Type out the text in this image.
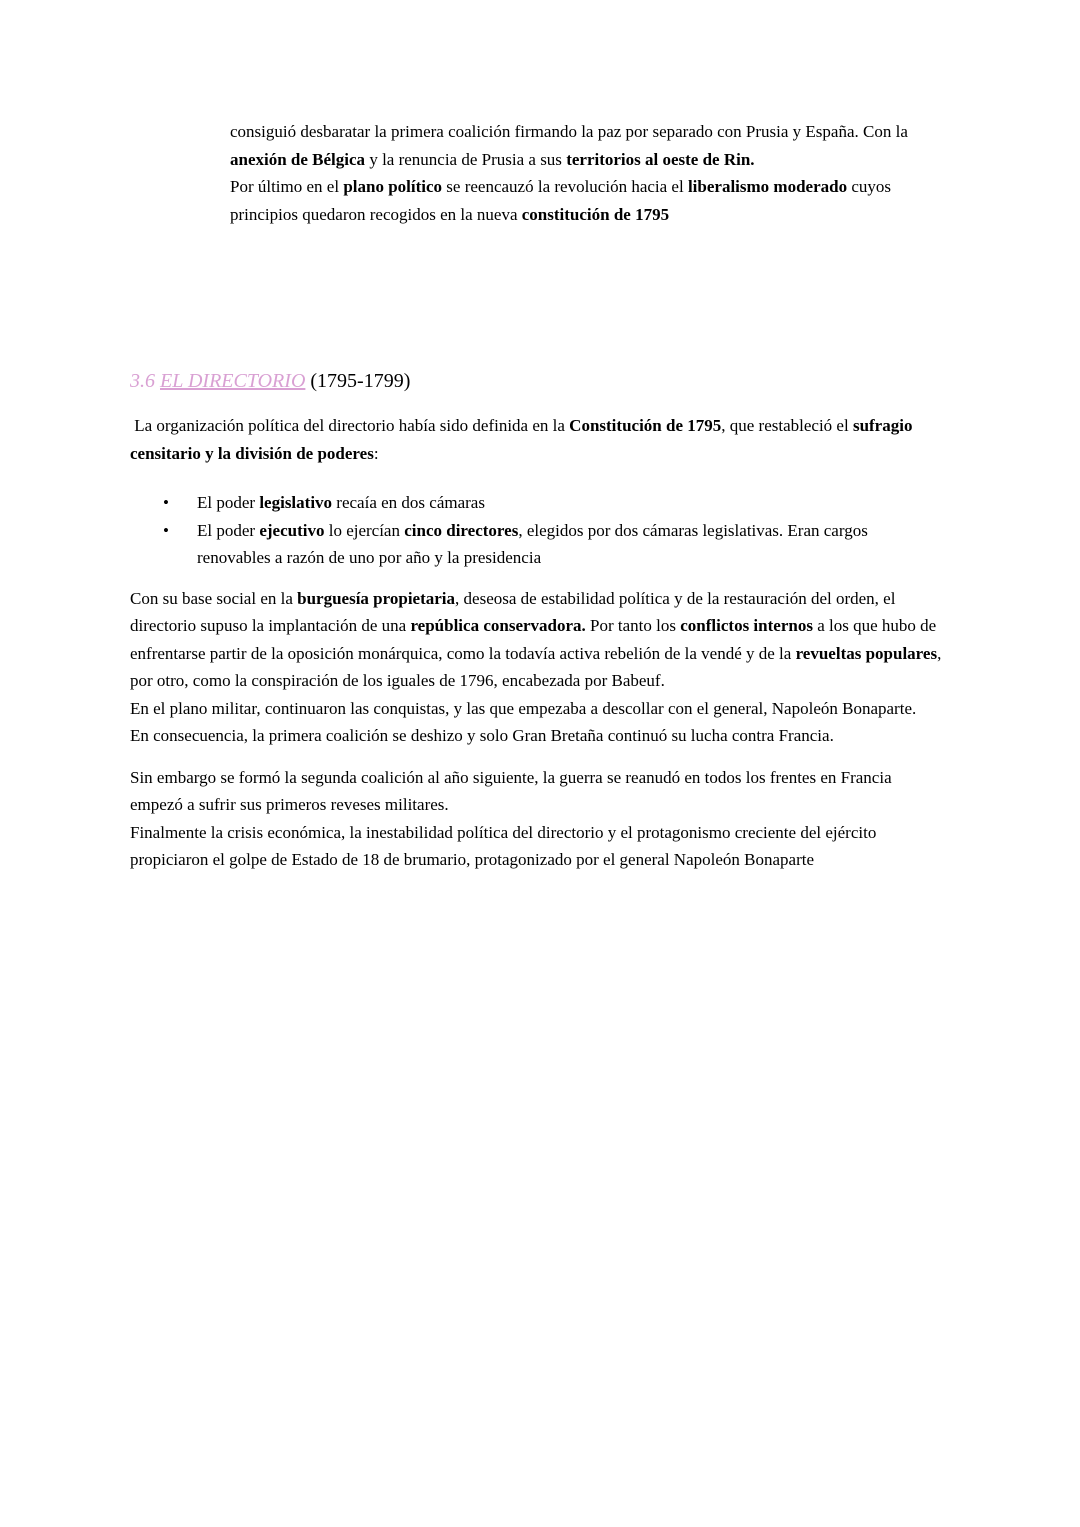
consiguió desbaratar la primera coalición firmando la paz por separado con Prusia y España. Con la anexión de Bélgica y la renuncia de Prusia a sus territorios al oeste de Rin.
Por último en el plano político se reencauzó la revolución hacia el liberalismo moderado cuyos principios quedaron recogidos en la nueva constitución de 1795

3.6 EL DIRECTORIO (1795-1799)

La organización política del directorio había sido definida en la Constitución de 1795, que restableció el sufragio censitario y la división de poderes:

•	El poder legislativo recaía en dos cámaras
•	El poder ejecutivo lo ejercían cinco directores, elegidos por dos cámaras legislativas. Eran cargos renovables a razón de uno por año y la presidencia

Con su base social en la burguesía propietaria, deseosa de estabilidad política y de la restauración del orden, el directorio supuso la implantación de una república conservadora. Por tanto los conflictos internos a los que hubo de enfrentarse partir de la oposición monárquica, como la todavía activa rebelión de la vendé y de la revueltas populares, por otro, como la conspiración de los iguales de 1796, encabezada por Babeuf.
En el plano militar, continuaron las conquistas, y las que empezaba a descollar con el general, Napoleón Bonaparte.
En consecuencia, la primera coalición se deshizo y solo Gran Bretaña continuó su lucha contra Francia.

Sin embargo se formó la segunda coalición al año siguiente, la guerra se reanudó en todos los frentes en Francia empezó a sufrir sus primeros reveses militares.
Finalmente la crisis económica, la inestabilidad política del directorio y el protagonismo creciente del ejército propiciaron el golpe de Estado de 18 de brumario, protagonizado por el general Napoleón Bonaparte
